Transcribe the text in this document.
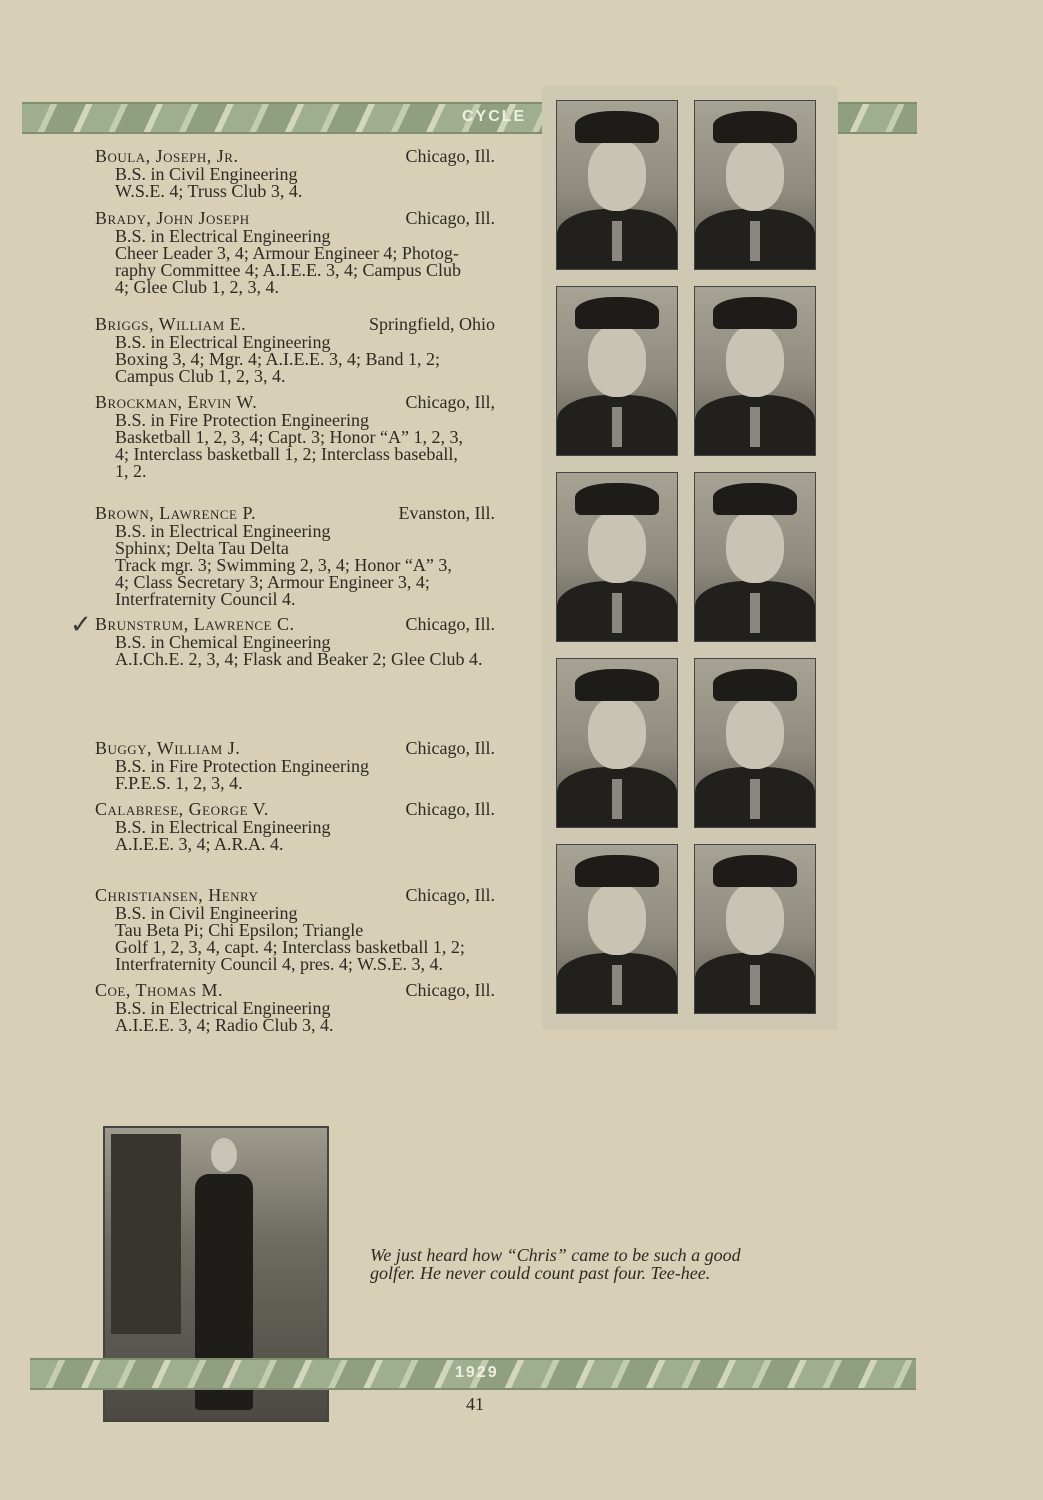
CYCLE
Boula, Joseph, Jr.	Chicago, Ill.
B.S. in Civil Engineering
W.S.E. 4; Truss Club 3, 4.
Brady, John Joseph	Chicago, Ill.
B.S. in Electrical Engineering
Cheer Leader 3, 4; Armour Engineer 4; Photog-
raphy Committee 4; A.I.E.E. 3, 4; Campus Club
4; Glee Club 1, 2, 3, 4.
Briggs, William E.	Springfield, Ohio
B.S. in Electrical Engineering
Boxing 3, 4; Mgr. 4; A.I.E.E. 3, 4; Band 1, 2;
Campus Club 1, 2, 3, 4.
Brockman, Ervin W.	Chicago, Ill,
B.S. in Fire Protection Engineering
Basketball 1, 2, 3, 4; Capt. 3; Honor “A” 1, 2, 3,
4; Interclass basketball 1, 2; Interclass baseball,
1, 2.
Brown, Lawrence P.	Evanston, Ill.
B.S. in Electrical Engineering
Sphinx; Delta Tau Delta
Track mgr. 3; Swimming 2, 3, 4; Honor “A” 3,
4; Class Secretary 3; Armour Engineer 3, 4;
Interfraternity Council 4.
✓ Brunstrum, Lawrence C.	Chicago, Ill.
B.S. in Chemical Engineering
A.I.Ch.E. 2, 3, 4; Flask and Beaker 2; Glee Club 4.
Buggy, William J.	Chicago, Ill.
B.S. in Fire Protection Engineering
F.P.E.S. 1, 2, 3, 4.
Calabrese, George V.	Chicago, Ill.
B.S. in Electrical Engineering
A.I.E.E. 3, 4; A.R.A. 4.
Christiansen, Henry	Chicago, Ill.
B.S. in Civil Engineering
Tau Beta Pi; Chi Epsilon; Triangle
Golf 1, 2, 3, 4, capt. 4; Interclass basketball 1, 2;
Interfraternity Council 4, pres. 4; W.S.E. 3, 4.
Coe, Thomas M.	Chicago, Ill.
B.S. in Electrical Engineering
A.I.E.E. 3, 4; Radio Club 3, 4.
We just heard how “Chris” came to be such a good golfer. He never could count past four. Tee-hee.
1929
41
